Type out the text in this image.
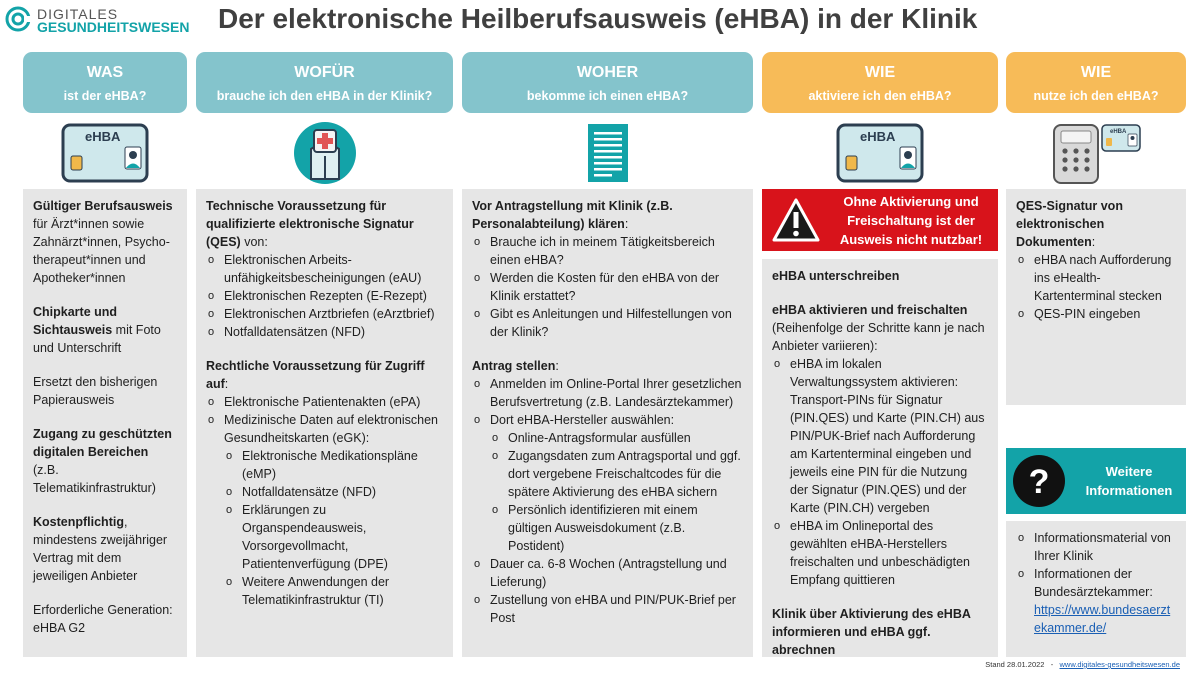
DIGITALES
GESUNDHEITSWESEN Der elektronische Heilberufsausweis (eHBA) in der Klinik
WAS
ist der eHBA?
WOFÜR
brauche ich den eHBA in der Klinik?
WOHER
bekomme ich einen eHBA?
WIE
aktiviere ich den eHBA?
WIE
nutze ich den eHBA?
eHBA	eHBA	eHBA

Gültiger Berufsausweis
für Ärzt*innen sowie Zahnärzt*innen, Psycho-therapeut*innen und Apotheker*innen

Chipkarte und Sichtausweis mit Foto und Unterschrift

Ersetzt den bisherigen Papierausweis

Zugang zu geschützten digitalen Bereichen (z.B. Telematikinfrastruktur)

Kostenpflichtig, mindestens zweijähriger Vertrag mit dem jeweiligen Anbieter

Erforderliche Generation: eHBA G2

Technische Voraussetzung für qualifizierte elektronische Signatur (QES) von:

o Elektronischen Arbeits-unfähigkeitsbescheinigungen (eAU)
o Elektronischen Rezepten (E-Rezept)
o Elektronischen Arztbriefen (eArztbrief)
o Notfalldatensätzen (NFD)

Rechtliche Voraussetzung für Zugriff auf:

o Elektronische Patientenakten (ePA)
o Medizinische Daten auf elektronischen Gesundheitskarten (eGK):
o Elektronische Medikationspläne (eMP)
o Notfalldatensätze (NFD)
o Erklärungen zu Organspendeausweis, Vorsorgevollmacht, Patientenverfügung (DPE)
o Weitere Anwendungen der Telematikinfrastruktur (TI)

Vor Antragstellung mit Klinik (z.B. Personalabteilung) klären:

o Brauche ich in meinem Tätigkeitsbereich einen eHBA?
o Werden die Kosten für den eHBA von der Klinik erstattet?
o Gibt es Anleitungen und Hilfestellungen von der Klinik?

Antrag stellen:

o Anmelden im Online-Portal Ihrer gesetzlichen Berufsvertretung (z.B. Landesärztekammer)
o Dort eHBA-Hersteller auswählen:
o Online-Antragsformular ausfüllen
o Zugangsdaten zum Antragsportal und ggf. dort vergebene Freischaltcodes für die spätere Aktivierung des eHBA sichern
o Persönlich identifizieren mit einem gültigen Ausweisdokument (z.B. Postident)
o Dauer ca. 6-8 Wochen (Antragstellung und Lieferung)
o Zustellung von eHBA und PIN/PUK-Brief per Post
Ohne Aktivierung und Freischaltung ist der Ausweis nicht nutzbar!

eHBA unterschreiben

eHBA aktivieren und freischalten

(Reihenfolge der Schritte kann je nach Anbieter variieren):

o eHBA im lokalen Verwaltungssystem aktivieren: Transport-PINs für Signatur (PIN.QES) und Karte (PIN.CH) aus PIN/PUK-Brief nach Aufforderung am Kartenterminal eingeben und jeweils eine PIN für die Nutzung der Signatur (PIN.QES) und der Karte (PIN.CH) vergeben
o eHBA im Onlineportal des gewählten eHBA-Herstellers freischalten und unbeschädigten Empfang quittieren

Klinik über Aktivierung des eHBA informieren und eHBA ggf. abrechnen

QES-Signatur von elektronischen Dokumenten:

o eHBA nach Aufforderung ins eHealth-Kartenterminal stecken
o QES-PIN eingeben
?	Weitere Informationen
o Informationsmaterial von Ihrer Klinik
o Informationen der Bundesärztekammer:
https://www.bundesaerztekammer.de/
Stand 28.01.2022 - www.digitales-gesundheitswesen.de
